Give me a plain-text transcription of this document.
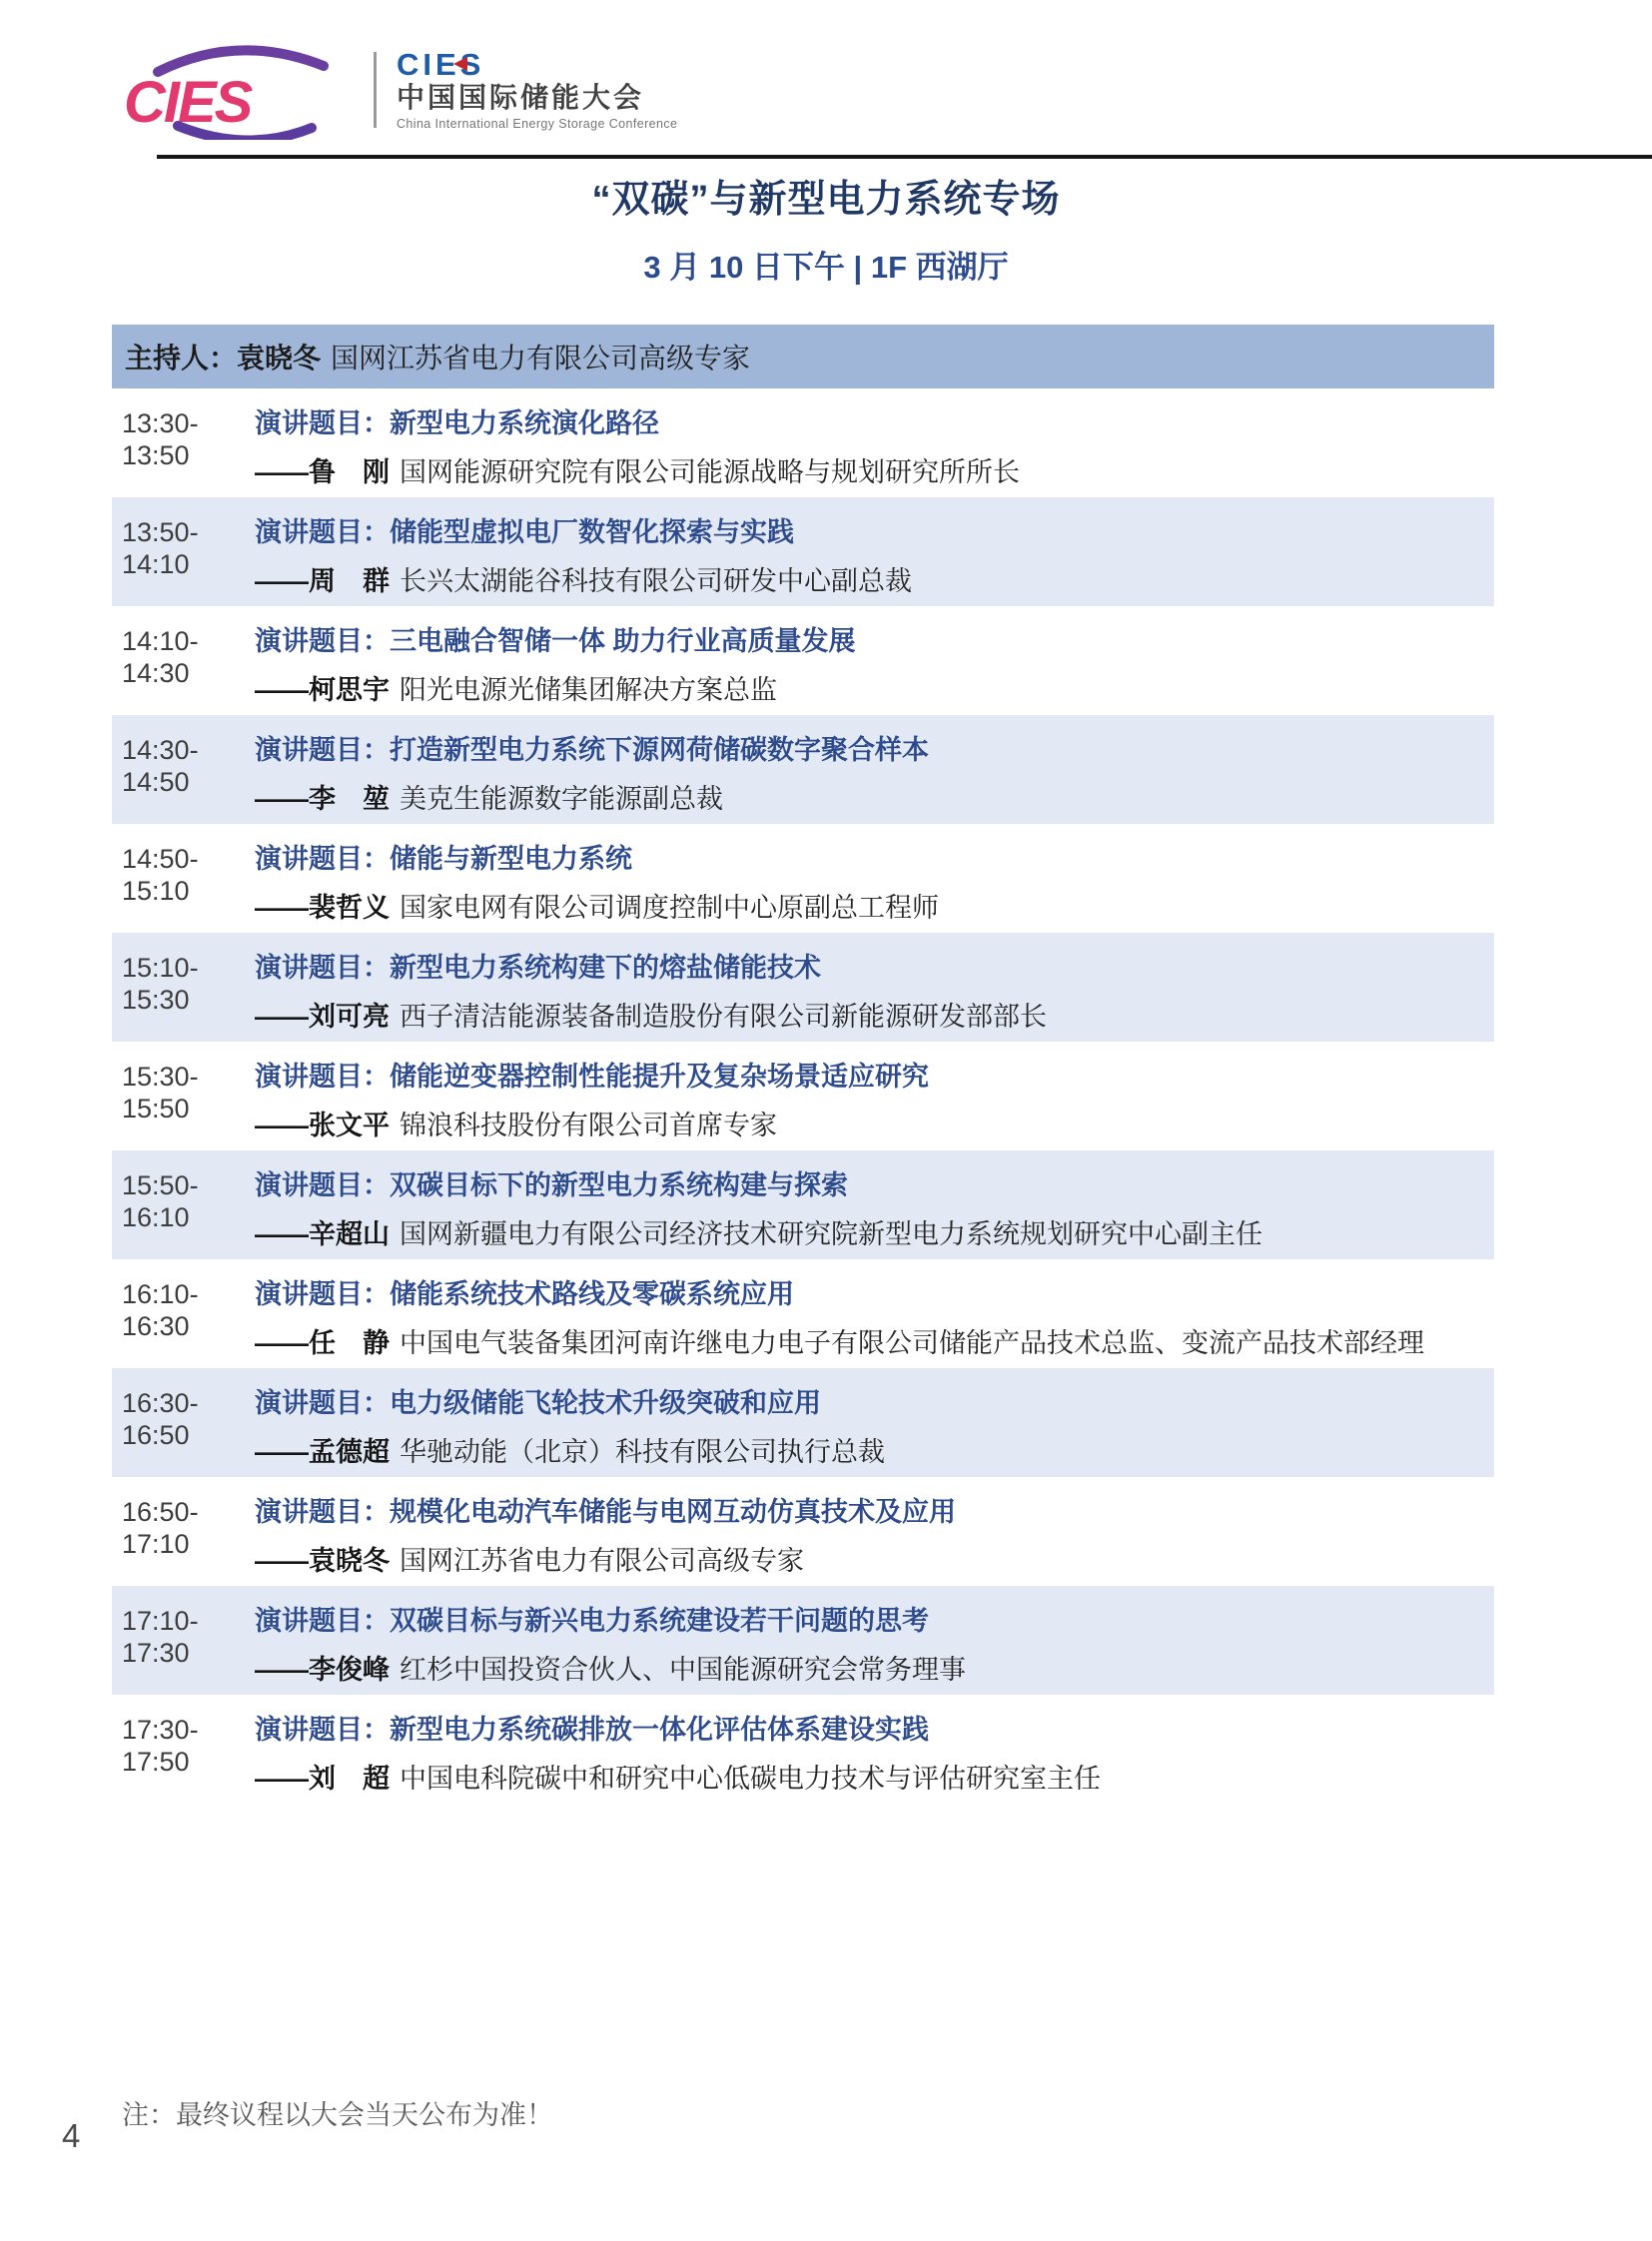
CIES
CIES
中国国际储能大会
China International Energy Storage Conference
“双碳”与新型电力系统专场
3 月 10 日下午 | 1F 西湖厅
主持人：袁晓冬 国网江苏省电力有限公司高级专家
13:30-13:50
演讲题目：新型电力系统演化路径
——鲁　刚 国网能源研究院有限公司能源战略与规划研究所所长
13:50-14:10
演讲题目：储能型虚拟电厂数智化探索与实践
——周　群 长兴太湖能谷科技有限公司研发中心副总裁
14:10-14:30
演讲题目：三电融合智储一体 助力行业高质量发展
——柯思宇 阳光电源光储集团解决方案总监
14:30-14:50
演讲题目：打造新型电力系统下源网荷储碳数字聚合样本
——李　堃 美克生能源数字能源副总裁
14:50-15:10
演讲题目：储能与新型电力系统
——裴哲义 国家电网有限公司调度控制中心原副总工程师
15:10-15:30
演讲题目：新型电力系统构建下的熔盐储能技术
——刘可亮 西子清洁能源装备制造股份有限公司新能源研发部部长
15:30-15:50
演讲题目：储能逆变器控制性能提升及复杂场景适应研究
——张文平 锦浪科技股份有限公司首席专家
15:50-16:10
演讲题目：双碳目标下的新型电力系统构建与探索
——辛超山 国网新疆电力有限公司经济技术研究院新型电力系统规划研究中心副主任
16:10-16:30
演讲题目：储能系统技术路线及零碳系统应用
——任　静 中国电气装备集团河南许继电力电子有限公司储能产品技术总监、变流产品技术部经理
16:30-16:50
演讲题目：电力级储能飞轮技术升级突破和应用
——孟德超 华驰动能（北京）科技有限公司执行总裁
16:50-17:10
演讲题目：规模化电动汽车储能与电网互动仿真技术及应用
——袁晓冬 国网江苏省电力有限公司高级专家
17:10-17:30
演讲题目：双碳目标与新兴电力系统建设若干问题的思考
——李俊峰 红杉中国投资合伙人、中国能源研究会常务理事
17:30-17:50
演讲题目：新型电力系统碳排放一体化评估体系建设实践
——刘　超 中国电科院碳中和研究中心低碳电力技术与评估研究室主任
注：最终议程以大会当天公布为准！
4
